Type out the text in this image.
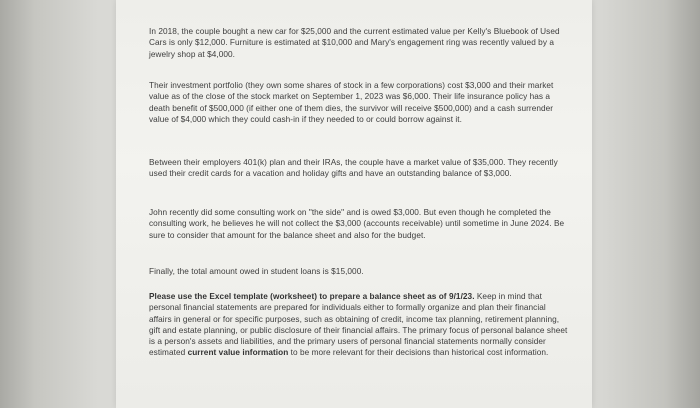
In 2018, the couple bought a new car for $25,000 and the current estimated value per Kelly's Bluebook of Used Cars is only $12,000. Furniture is estimated at $10,000 and Mary's engagement ring was recently valued by a jewelry shop at $4,000.

Their investment portfolio (they own some shares of stock in a few corporations) cost $3,000 and their market value as of the close of the stock market on September 1, 2023 was $6,000. Their life insurance policy has a death benefit of $500,000 (if either one of them dies, the survivor will receive $500,000) and a cash surrender value of $4,000 which they could cash-in if they needed to or could borrow against it.

Between their employers 401(k) plan and their IRAs, the couple have a market value of $35,000. They recently used their credit cards for a vacation and holiday gifts and have an outstanding balance of $3,000.

John recently did some consulting work on "the side" and is owed $3,000. But even though he completed the consulting work, he believes he will not collect the $3,000 (accounts receivable) until sometime in June 2024. Be sure to consider that amount for the balance sheet and also for the budget.

Finally, the total amount owed in student loans is $15,000.

Please use the Excel template (worksheet) to prepare a balance sheet as of 9/1/23. Keep in mind that personal financial statements are prepared for individuals either to formally organize and plan their financial affairs in general or for specific purposes, such as obtaining of credit, income tax planning, retirement planning, gift and estate planning, or public disclosure of their financial affairs. The primary focus of personal balance sheet is a person's assets and liabilities, and the primary users of personal financial statements normally consider estimated current value information to be more relevant for their decisions than historical cost information.
